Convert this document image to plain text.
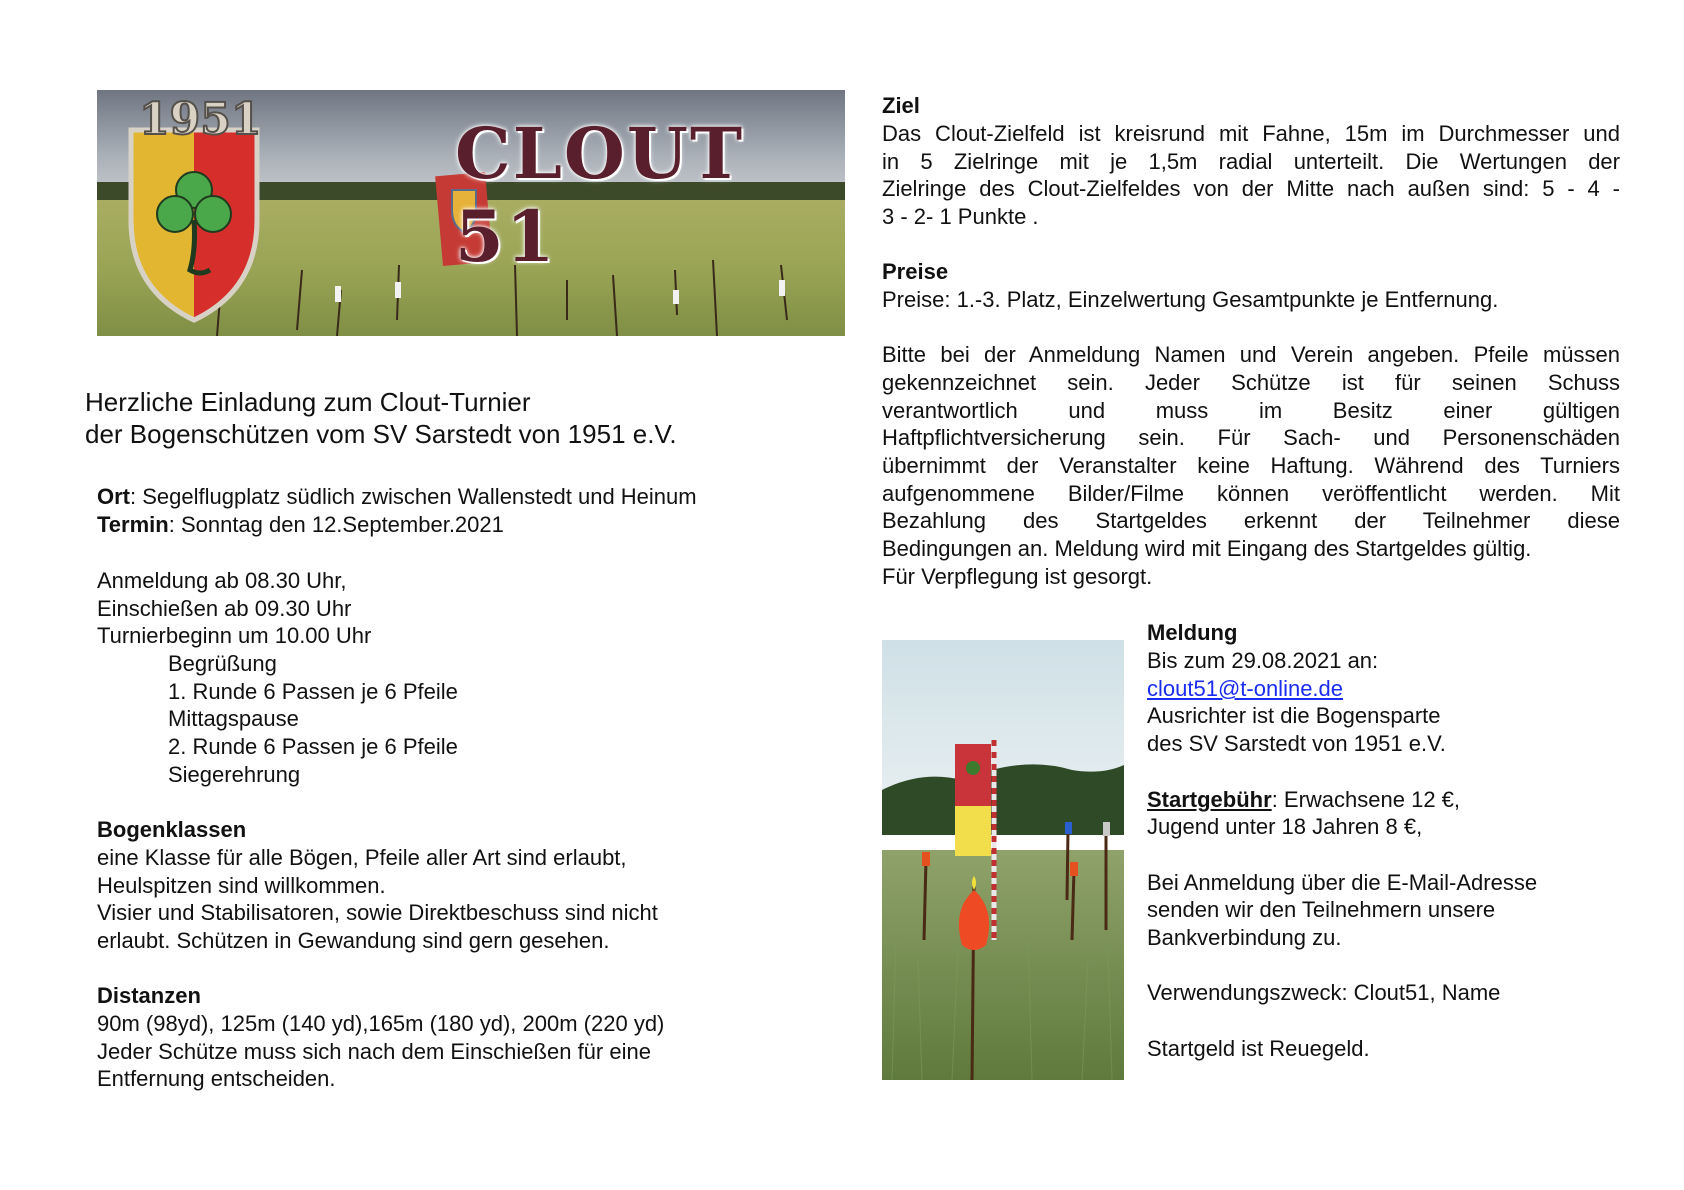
1951	CLOUT 51
Herzliche Einladung zum Clout-Turnier
der Bogenschützen vom SV Sarstedt von 1951 e.V.
Ort: Segelflugplatz südlich zwischen Wallenstedt und Heinum
Termin: Sonntag den 12.September.2021
Anmeldung ab 08.30 Uhr,
Einschießen ab 09.30 Uhr
Turnierbeginn um 10.00 Uhr
Begrüßung
1. Runde 6 Passen je 6 Pfeile
Mittagspause
2. Runde 6 Passen je 6 Pfeile
Siegerehrung
Bogenklassen
eine Klasse für alle Bögen, Pfeile aller Art sind erlaubt,
Heulspitzen sind willkommen.
Visier und Stabilisatoren, sowie Direktbeschuss sind nicht
erlaubt. Schützen in Gewandung sind gern gesehen.
Distanzen
90m (98yd), 125m (140 yd),165m (180 yd), 200m (220 yd)
Jeder Schütze muss sich nach dem Einschießen für eine
Entfernung entscheiden.
Ziel
Das Clout-Zielfeld ist kreisrund mit Fahne, 15m im Durchmesser und
in 5 Zielringe mit je 1,5m radial unterteilt. Die Wertungen der
Zielringe des Clout-Zielfeldes von der Mitte nach außen sind: 5 - 4 -
3 - 2- 1 Punkte .
Preise
Preise: 1.-3. Platz, Einzelwertung Gesamtpunkte je Entfernung.
Bitte bei der Anmeldung Namen und Verein angeben. Pfeile müssen
gekennzeichnet sein. Jeder Schütze ist für seinen Schuss
verantwortlich und muss im Besitz einer gültigen
Haftpflichtversicherung sein. Für Sach- und Personenschäden
übernimmt der Veranstalter keine Haftung. Während des Turniers
aufgenommene Bilder/Filme können veröffentlicht werden. Mit
Bezahlung des Startgeldes erkennt der Teilnehmer diese
Bedingungen an. Meldung wird mit Eingang des Startgeldes gültig.
Für Verpflegung ist gesorgt.
Meldung
Bis zum 29.08.2021 an:
clout51@t-online.de
Ausrichter ist die Bogensparte
des SV Sarstedt von 1951 e.V.
Startgebühr: Erwachsene 12 €,
Jugend unter 18 Jahren 8 €,
Bei Anmeldung über die E-Mail-Adresse
senden wir den Teilnehmern unsere
Bankverbindung zu.
Verwendungszweck: Clout51, Name
Startgeld ist Reuegeld.
